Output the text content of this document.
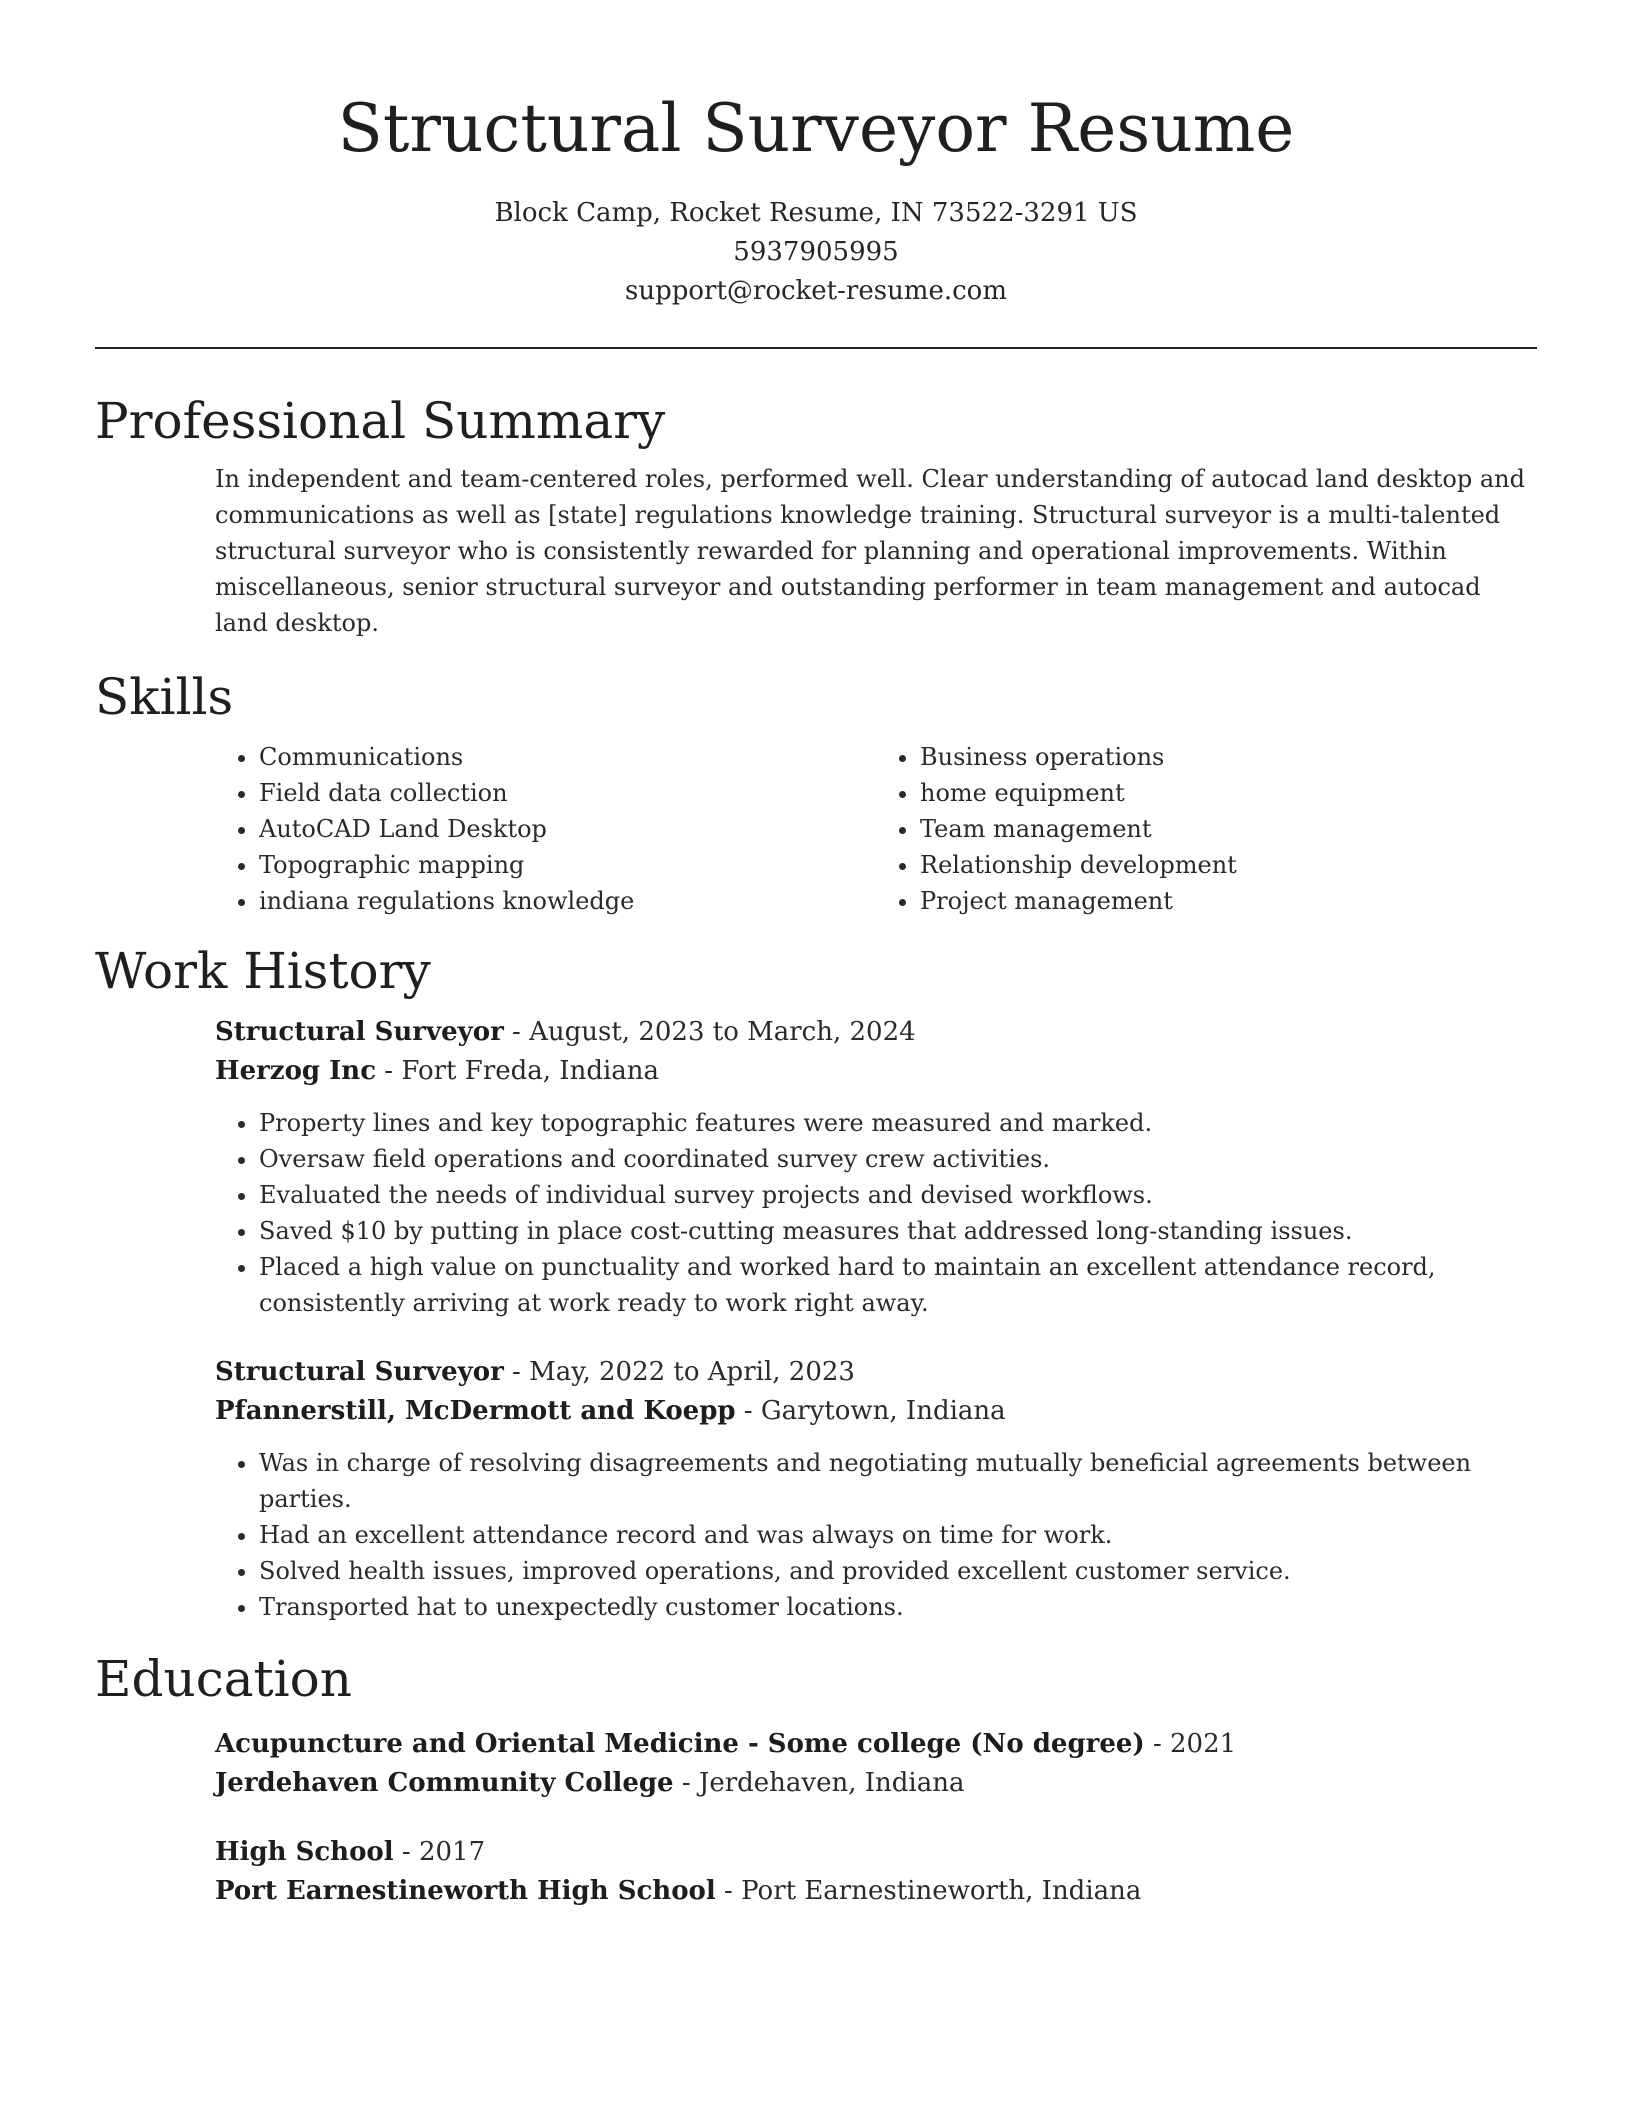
Structural Surveyor Resume
Block Camp, Rocket Resume, IN 73522-3291 US
5937905995
support@rocket-resume.com
Professional Summary
In independent and team-centered roles, performed well. Clear understanding of autocad land desktop and communications as well as [state] regulations knowledge training. Structural surveyor is a multi-talented structural surveyor who is consistently rewarded for planning and operational improvements. Within miscellaneous, senior structural surveyor and outstanding performer in team management and autocad land desktop.
Skills
• Communications
• Field data collection
• AutoCAD Land Desktop
• Topographic mapping
• indiana regulations knowledge
• Business operations
• home equipment
• Team management
• Relationship development
• Project management
Work History
Structural Surveyor - August, 2023 to March, 2024
Herzog Inc - Fort Freda, Indiana
• Property lines and key topographic features were measured and marked.
• Oversaw field operations and coordinated survey crew activities.
• Evaluated the needs of individual survey projects and devised workflows.
• Saved $10 by putting in place cost-cutting measures that addressed long-standing issues.
• Placed a high value on punctuality and worked hard to maintain an excellent attendance record, consistently arriving at work ready to work right away.
Structural Surveyor - May, 2022 to April, 2023
Pfannerstill, McDermott and Koepp - Garytown, Indiana
• Was in charge of resolving disagreements and negotiating mutually beneficial agreements between parties.
• Had an excellent attendance record and was always on time for work.
• Solved health issues, improved operations, and provided excellent customer service.
• Transported hat to unexpectedly customer locations.
Education
Acupuncture and Oriental Medicine - Some college (No degree) - 2021
Jerdehaven Community College - Jerdehaven, Indiana
High School - 2017
Port Earnestineworth High School - Port Earnestineworth, Indiana
